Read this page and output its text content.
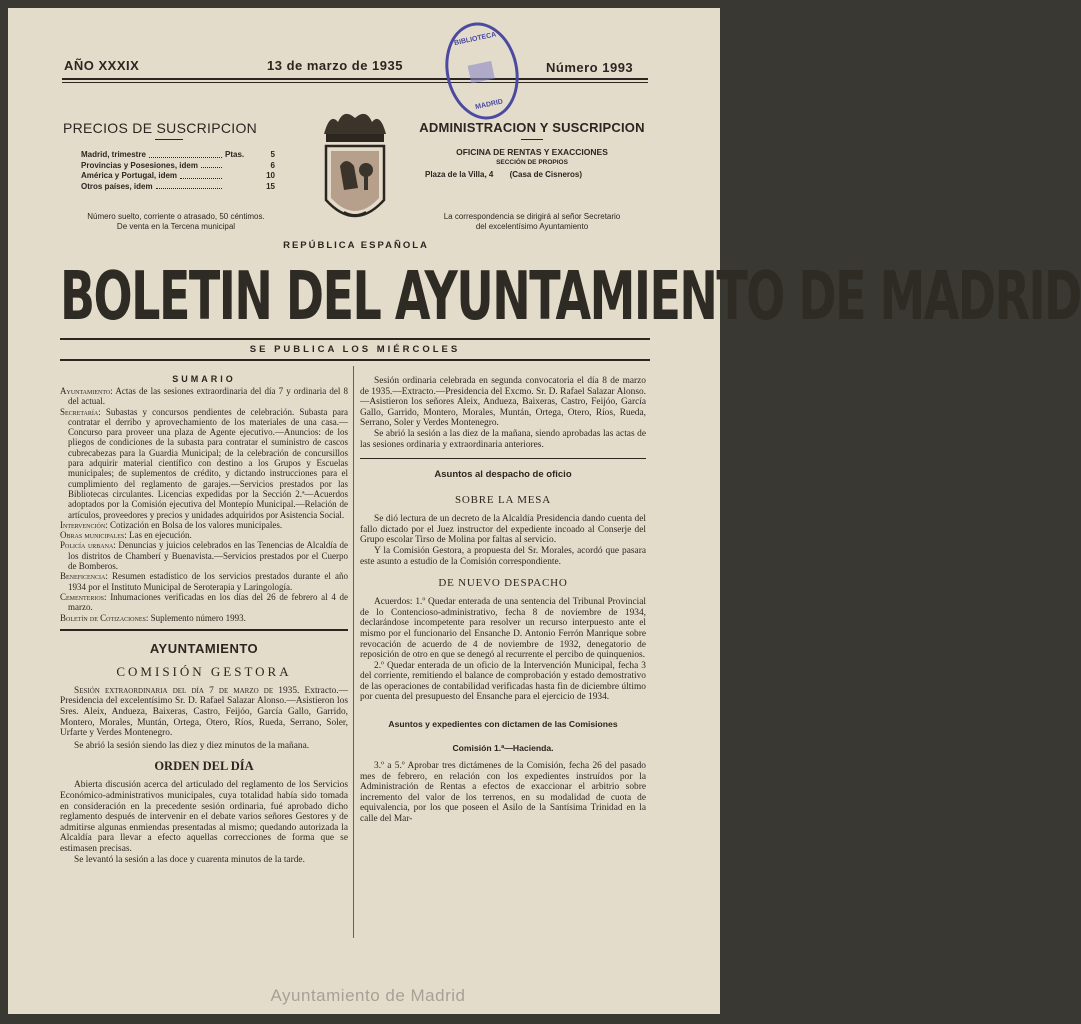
AÑO XXXIX	13 de marzo de 1935	Número 1993
BIBLIOTECA
MADRID
PRECIOS DE SUSCRIPCION
Madrid, trimestre	Ptas.	5
Provincias y Posesiones, idem	6
América y Portugal, idem	10
Otros países, idem	15
Número suelto, corriente o atrasado, 50 céntimos.
De venta en la Tercena municipal
ADMINISTRACION Y SUSCRIPCION
OFICINA DE RENTAS Y EXACCIONES
SECCIÓN DE PROPIOS
Plaza de la Villa, 4 (Casa de Cisneros)
La correspondencia se dirigirá al señor Secretario
del excelentísimo Ayuntamiento
REPÚBLICA ESPAÑOLA
BOLETIN DEL AYUNTAMIENTO DE MADRID
SE PUBLICA LOS MIÉRCOLES
SUMARIO
Ayuntamiento: Actas de las sesiones extraordinaria del día 7 y ordinaria del 8 del actual.
Secretaría: Subastas y concursos pendientes de celebración. Subasta para contratar el derribo y aprovechamiento de los materiales de una casa.—Concurso para proveer una plaza de Agente ejecutivo.—Anuncios: de los pliegos de condiciones de la subasta para contratar el suministro de cascos cubrecabezas para la Guardia Municipal; de la celebración de concursillos para adquirir material científico con destino a los Grupos y Escuelas municipales; de suplementos de crédito, y dictando instrucciones para el cumplimiento del reglamento de garajes.—Servicios prestados por las Bibliotecas circulantes. Licencias expedidas por la Sección 2.ª—Acuerdos adoptados por la Comisión ejecutiva del Montepío Municipal.—Relación de artículos, proveedores y precios y unidades adquiridos por Asistencia Social.
Intervención: Cotización en Bolsa de los valores municipales.
Obras municipales: Las en ejecución.
Policía urbana: Denuncias y juicios celebrados en las Tenencias de Alcaldía de los distritos de Chamberí y Buenavista.—Servicios prestados por el Cuerpo de Bomberos.
Beneficencia: Resumen estadístico de los servicios prestados durante el año 1934 por el Instituto Municipal de Seroterapia y Laringología.
Cementerios: Inhumaciones verificadas en los días del 26 de febrero al 4 de marzo.
Boletín de Cotizaciones: Suplemento número 1993.
AYUNTAMIENTO
COMISIÓN GESTORA
Sesión extraordinaria del día 7 de marzo de 1935. Extracto.—Presidencia del excelentísimo Sr. D. Rafael Salazar Alonso.—Asistieron los Sres. Aleix, Andueza, Baixeras, Castro, Feijóo, García Gallo, Garrido, Montero, Morales, Muntán, Ortega, Otero, Ríos, Rueda, Serrano, Soler, Urfarte y Verdes Montenegro.
Se abrió la sesión siendo las diez y diez minutos de la mañana.
ORDEN DEL DÍA
Abierta discusión acerca del articulado del reglamento de los Servicios Económico-administrativos municipales, cuya totalidad había sido tomada en consideración en la precedente sesión ordinaria, fué aprobado dicho reglamento después de intervenir en el debate varios señores Gestores y de admitirse algunas enmiendas presentadas al mismo; quedando autorizada la Alcaldía para llevar a efecto aquellas correcciones de forma que se estimasen precisas.
Se levantó la sesión a las doce y cuarenta minutos de la tarde.
Sesión ordinaria celebrada en segunda convocatoria el día 8 de marzo de 1935.—Extracto.—Presidencia del Excmo. Sr. D. Rafael Salazar Alonso.—Asistieron los señores Aleix, Andueza, Baixeras, Castro, Feijóo, García Gallo, Garrido, Montero, Morales, Muntán, Ortega, Otero, Ríos, Rueda, Serrano, Soler y Verdes Montenegro.
Se abrió la sesión a las diez de la mañana, siendo aprobadas las actas de las sesiones ordinaria y extraordinaria anteriores.
Asuntos al despacho de oficio
SOBRE LA MESA
Se dió lectura de un decreto de la Alcaldía Presidencia dando cuenta del fallo dictado por el Juez instructor del expediente incoado al Conserje del Grupo escolar Tirso de Molina por faltas al servicio.
Y la Comisión Gestora, a propuesta del Sr. Morales, acordó que pasara este asunto a estudio de la Comisión correspondiente.
DE NUEVO DESPACHO
Acuerdos: 1.º Quedar enterada de una sentencia del Tribunal Provincial de lo Contencioso-administrativo, fecha 8 de noviembre de 1934, declarándose incompetente para resolver un recurso interpuesto ante el mismo por el funcionario del Ensanche D. Antonio Ferrón Manrique sobre revocación de acuerdo de 4 de noviembre de 1932, denegatorio de reposición de otro en que se denegó al recurrente el percibo de quinquenios.
2.º Quedar enterada de un oficio de la Intervención Municipal, fecha 3 del corriente, remitiendo el balance de comprobación y estado demostrativo de las operaciones de contabilidad verificadas hasta fin de diciembre último por cuenta del presupuesto del Ensanche para el ejercicio de 1934.
Asuntos y expedientes con dictamen de las Comisiones
Comisión 1.ª—Hacienda.
3.º a 5.º Aprobar tres dictámenes de la Comisión, fecha 26 del pasado mes de febrero, en relación con los expedientes instruídos por la Administración de Rentas a efectos de exaccionar el arbitrio sobre incremento del valor de los terrenos, en su modalidad de cuota de equivalencia, por los que poseen el Asilo de la Santísima Trinidad en la calle del Mar-
Ayuntamiento de Madrid
